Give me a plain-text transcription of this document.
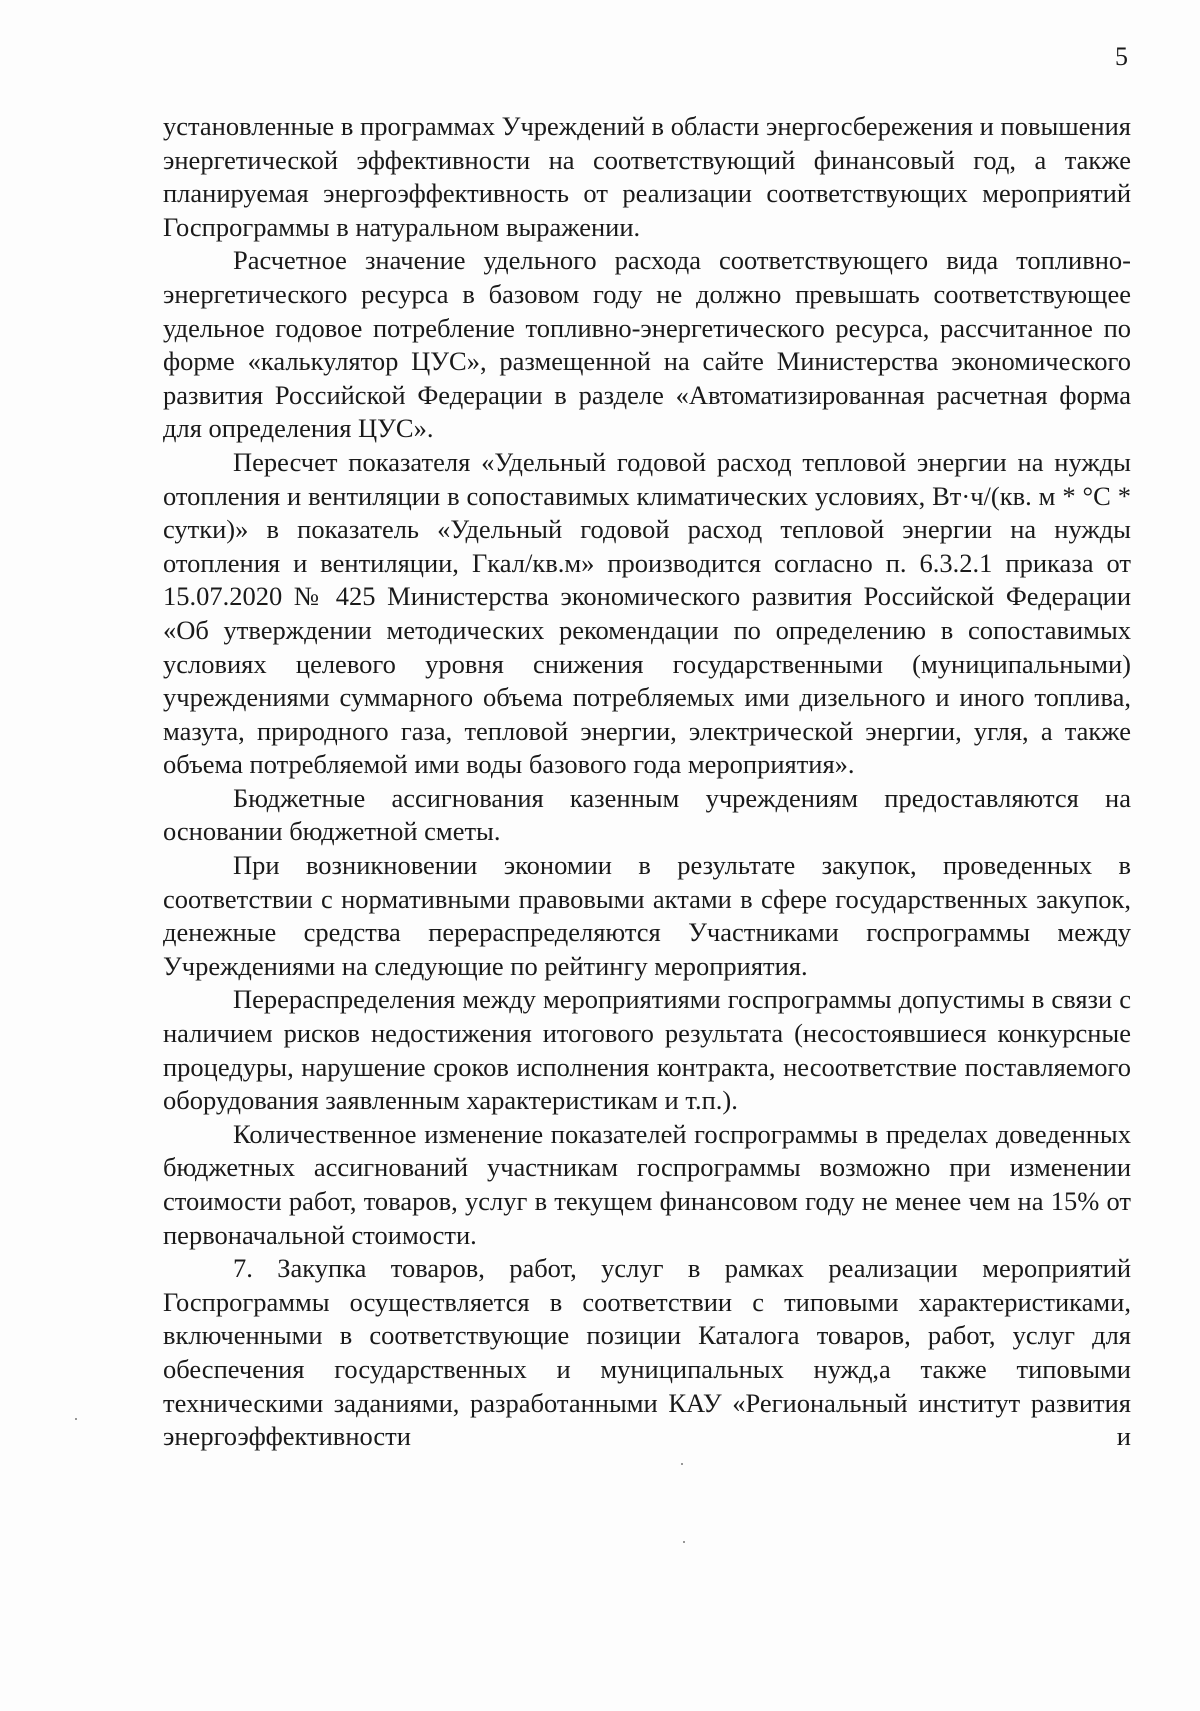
5

установленные в программах Учреждений в области энергосбережения и повышения энергетической эффективности на соответствующий финансовый год, а также планируемая энергоэффективность от реализации соответствующих мероприятий Госпрограммы в натуральном выражении.

Расчетное значение удельного расхода соответствующего вида топливно-энергетического ресурса в базовом году не должно превышать соответствующее удельное годовое потребление топливно-энергетического ресурса, рассчитанное по форме «калькулятор ЦУС», размещенной на сайте Министерства экономического развития Российской Федерации в разделе «Автоматизированная расчетная форма для определения ЦУС».

Пересчет показателя «Удельный годовой расход тепловой энергии на нужды отопления и вентиляции в сопоставимых климатических условиях, Вт·ч/(кв. м * °С * сутки)» в показатель «Удельный годовой расход тепловой энергии на нужды отопления и вентиляции, Гкал/кв.м» производится согласно п. 6.3.2.1 приказа от 15.07.2020 № 425 Министерства экономического развития Российской Федерации «Об утверждении методических рекомендации по определению в сопоставимых условиях целевого уровня снижения государственными (муниципальными) учреждениями суммарного объема потребляемых ими дизельного и иного топлива, мазута, природного газа, тепловой энергии, электрической энергии, угля, а также объема потребляемой ими воды базового года мероприятия».

Бюджетные ассигнования казенным учреждениям предоставляются на основании бюджетной сметы.

При возникновении экономии в результате закупок, проведенных в соответствии с нормативными правовыми актами в сфере государственных закупок, денежные средства перераспределяются Участниками госпрограммы между Учреждениями на следующие по рейтингу мероприятия.

Перераспределения между мероприятиями госпрограммы допустимы в связи с наличием рисков недостижения итогового результата (несостоявшиеся конкурсные процедуры, нарушение сроков исполнения контракта, несоответствие поставляемого оборудования заявленным характеристикам и т.п.).

Количественное изменение показателей госпрограммы в пределах доведенных бюджетных ассигнований участникам госпрограммы возможно при изменении стоимости работ, товаров, услуг в текущем финансовом году не менее чем на 15% от первоначальной стоимости.

7. Закупка товаров, работ, услуг в рамках реализации мероприятий Госпрограммы осуществляется в соответствии с типовыми характеристиками, включенными в соответствующие позиции Каталога товаров, работ, услуг для обеспечения государственных и муниципальных нужд,а также типовыми техническими заданиями, разработанными КАУ «Региональный институт развития энергоэффективности и
